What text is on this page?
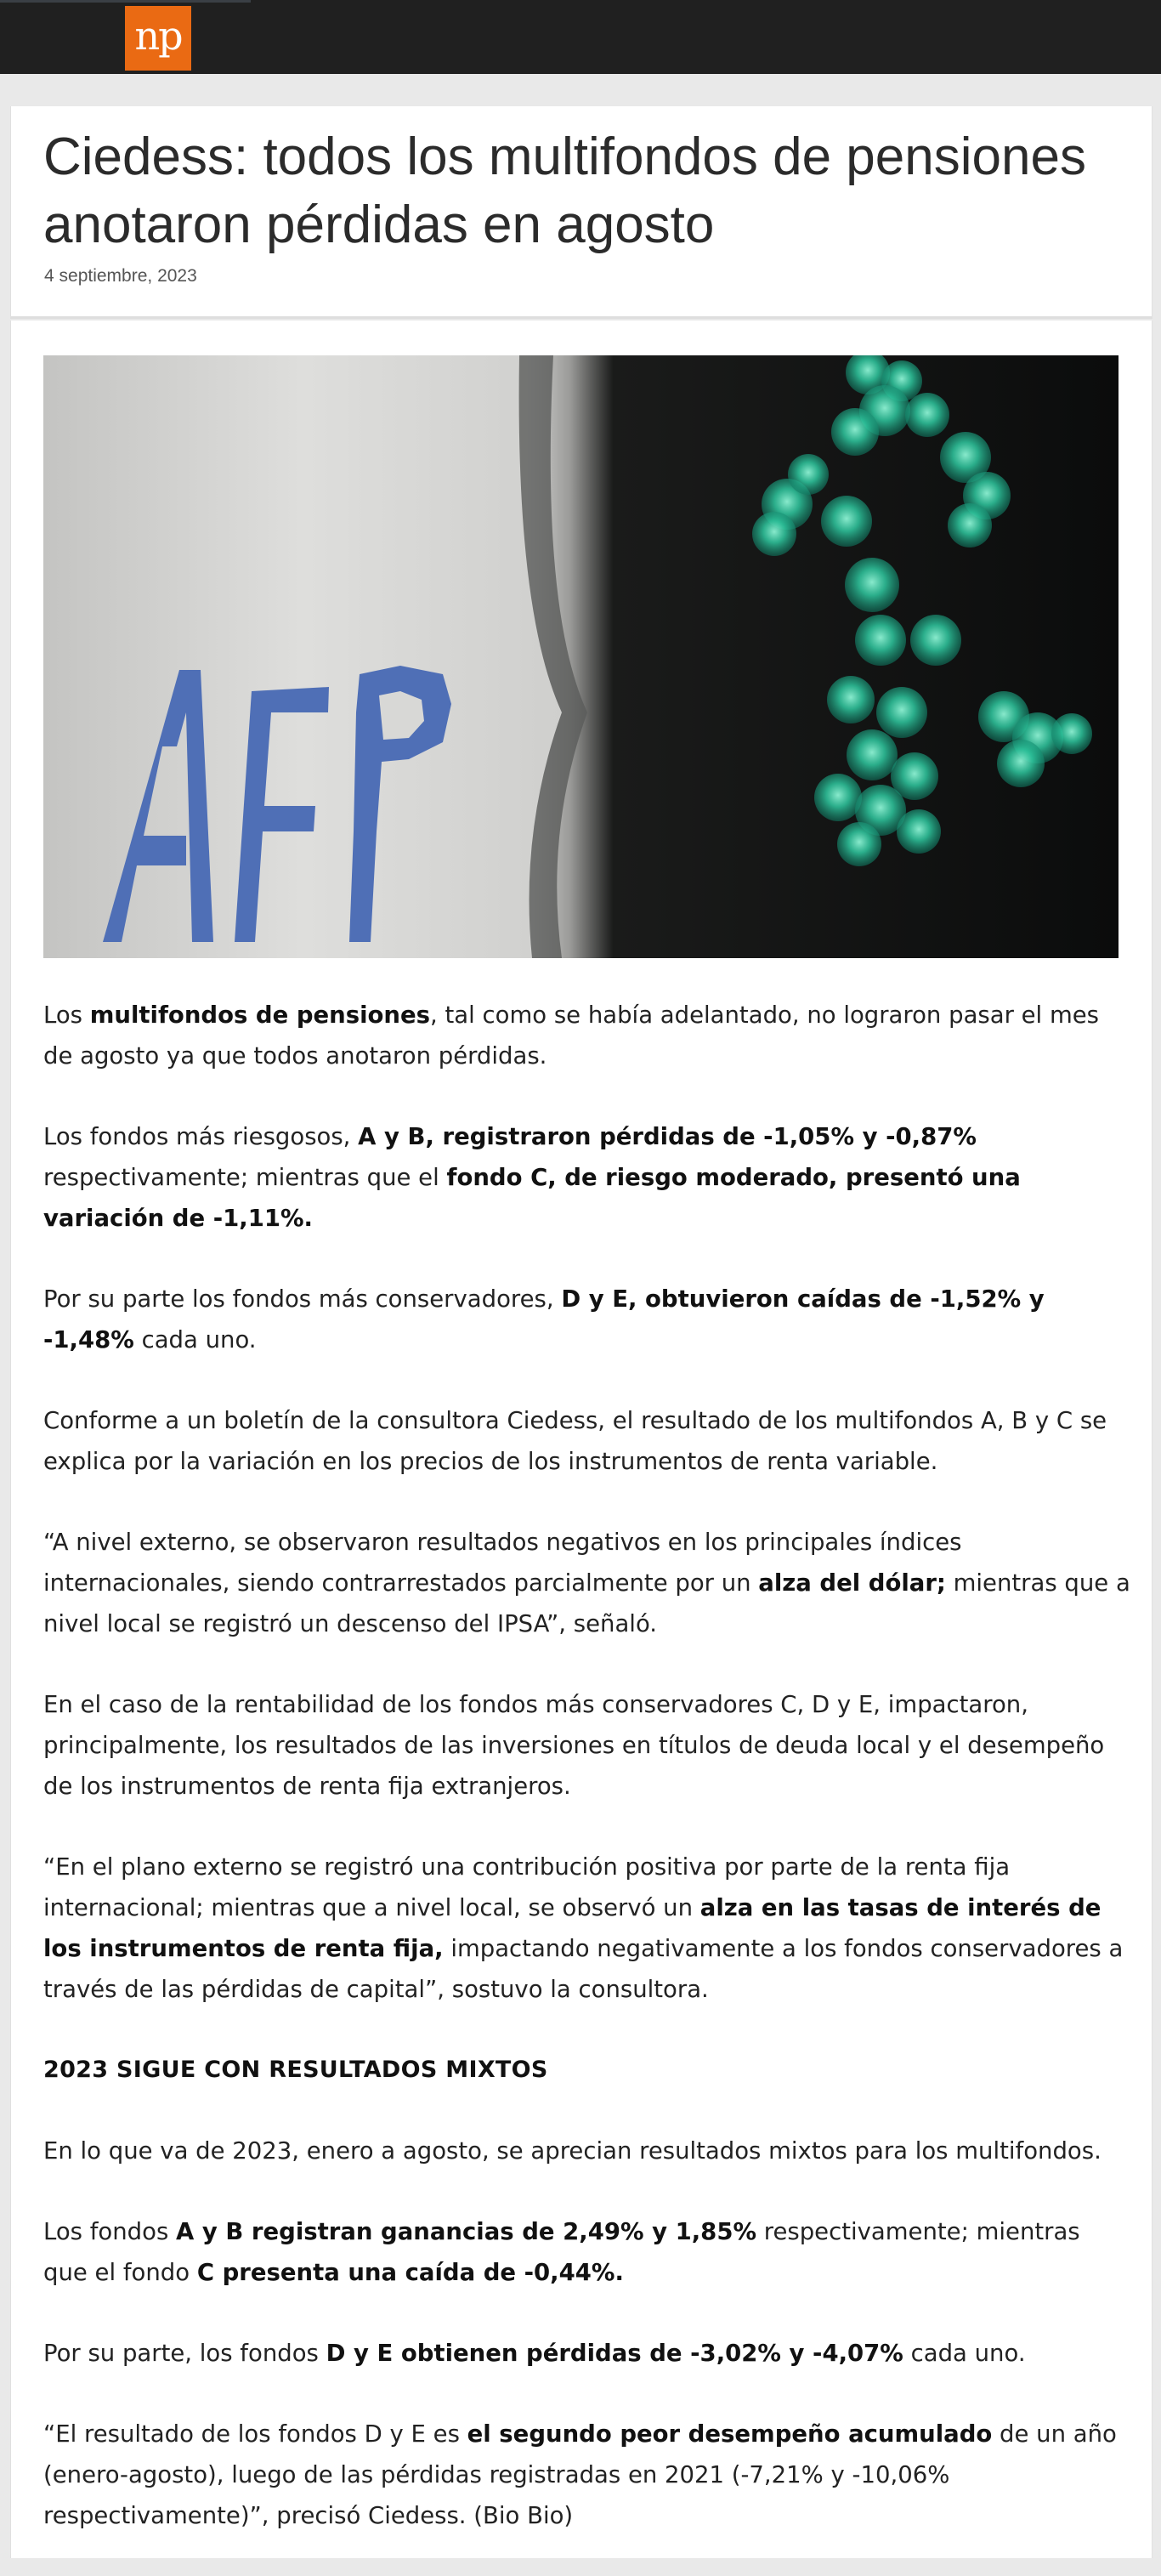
np
Ciedess: todos los multifondos de pensiones anotaron pérdidas en agosto

4 septiembre, 2023

Los multifondos de pensiones, tal como se había adelantado, no lograron pasar el mes de agosto ya que todos anotaron pérdidas.

Los fondos más riesgosos, A y B, registraron pérdidas de -1,05% y -0,87% respectivamente; mientras que el fondo C, de riesgo moderado, presentó una variación de -1,11%.

Por su parte los fondos más conservadores, D y E, obtuvieron caídas de -1,52% y -1,48% cada uno.

Conforme a un boletín de la consultora Ciedess, el resultado de los multifondos A, B y C se explica por la variación en los precios de los instrumentos de renta variable.

“A nivel externo, se observaron resultados negativos en los principales índices internacionales, siendo contrarrestados parcialmente por un alza del dólar; mientras que a nivel local se registró un descenso del IPSA”, señaló.

En el caso de la rentabilidad de los fondos más conservadores C, D y E, impactaron, principalmente, los resultados de las inversiones en títulos de deuda local y el desempeño de los instrumentos de renta fija extranjeros.

“En el plano externo se registró una contribución positiva por parte de la renta fija internacional; mientras que a nivel local, se observó un alza en las tasas de interés de los instrumentos de renta fija, impactando negativamente a los fondos conservadores a través de las pérdidas de capital”, sostuvo la consultora.

2023 SIGUE CON RESULTADOS MIXTOS

En lo que va de 2023, enero a agosto, se aprecian resultados mixtos para los multifondos.

Los fondos A y B registran ganancias de 2,49% y 1,85% respectivamente; mientras que el fondo C presenta una caída de -0,44%.

Por su parte, los fondos D y E obtienen pérdidas de -3,02% y -4,07% cada uno.

“El resultado de los fondos D y E es el segundo peor desempeño acumulado de un año (enero-agosto), luego de las pérdidas registradas en 2021 (-7,21% y -10,06% respectivamente)”, precisó Ciedess. (Bio Bio)
